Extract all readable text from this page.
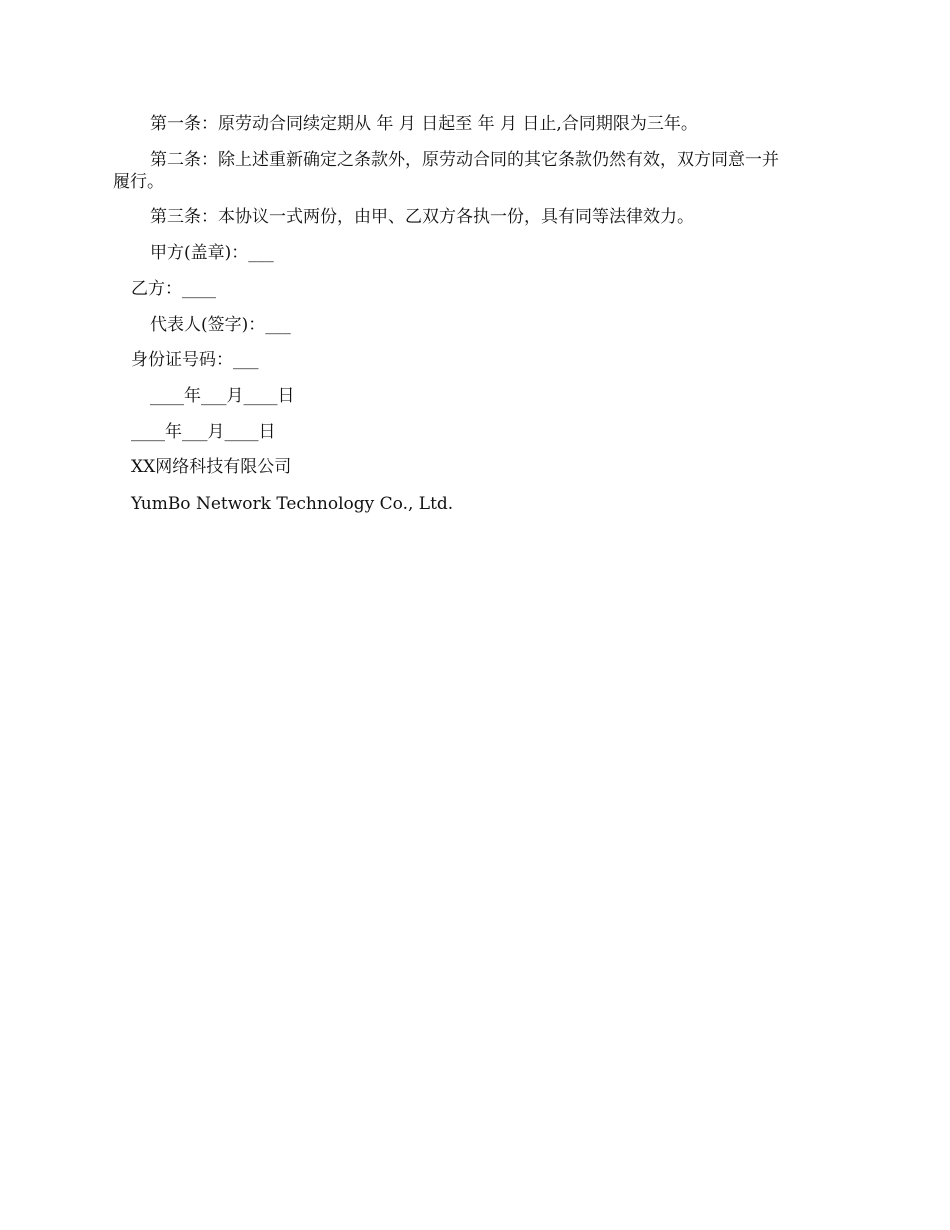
第一条：原劳动合同续定期从 年 月 日起至 年 月 日止,合同期限为三年。
第二条：除上述重新确定之条款外，原劳动合同的其它条款仍然有效，双方同意一并
履行。
第三条：本协议一式两份，由甲、乙双方各执一份，具有同等法律效力。
甲方(盖章)：___
乙方：____
代表人(签字)：___
身份证号码：___
____年___月____日
____年___月____日
XX网络科技有限公司
YumBo Network Technology Co., Ltd.
